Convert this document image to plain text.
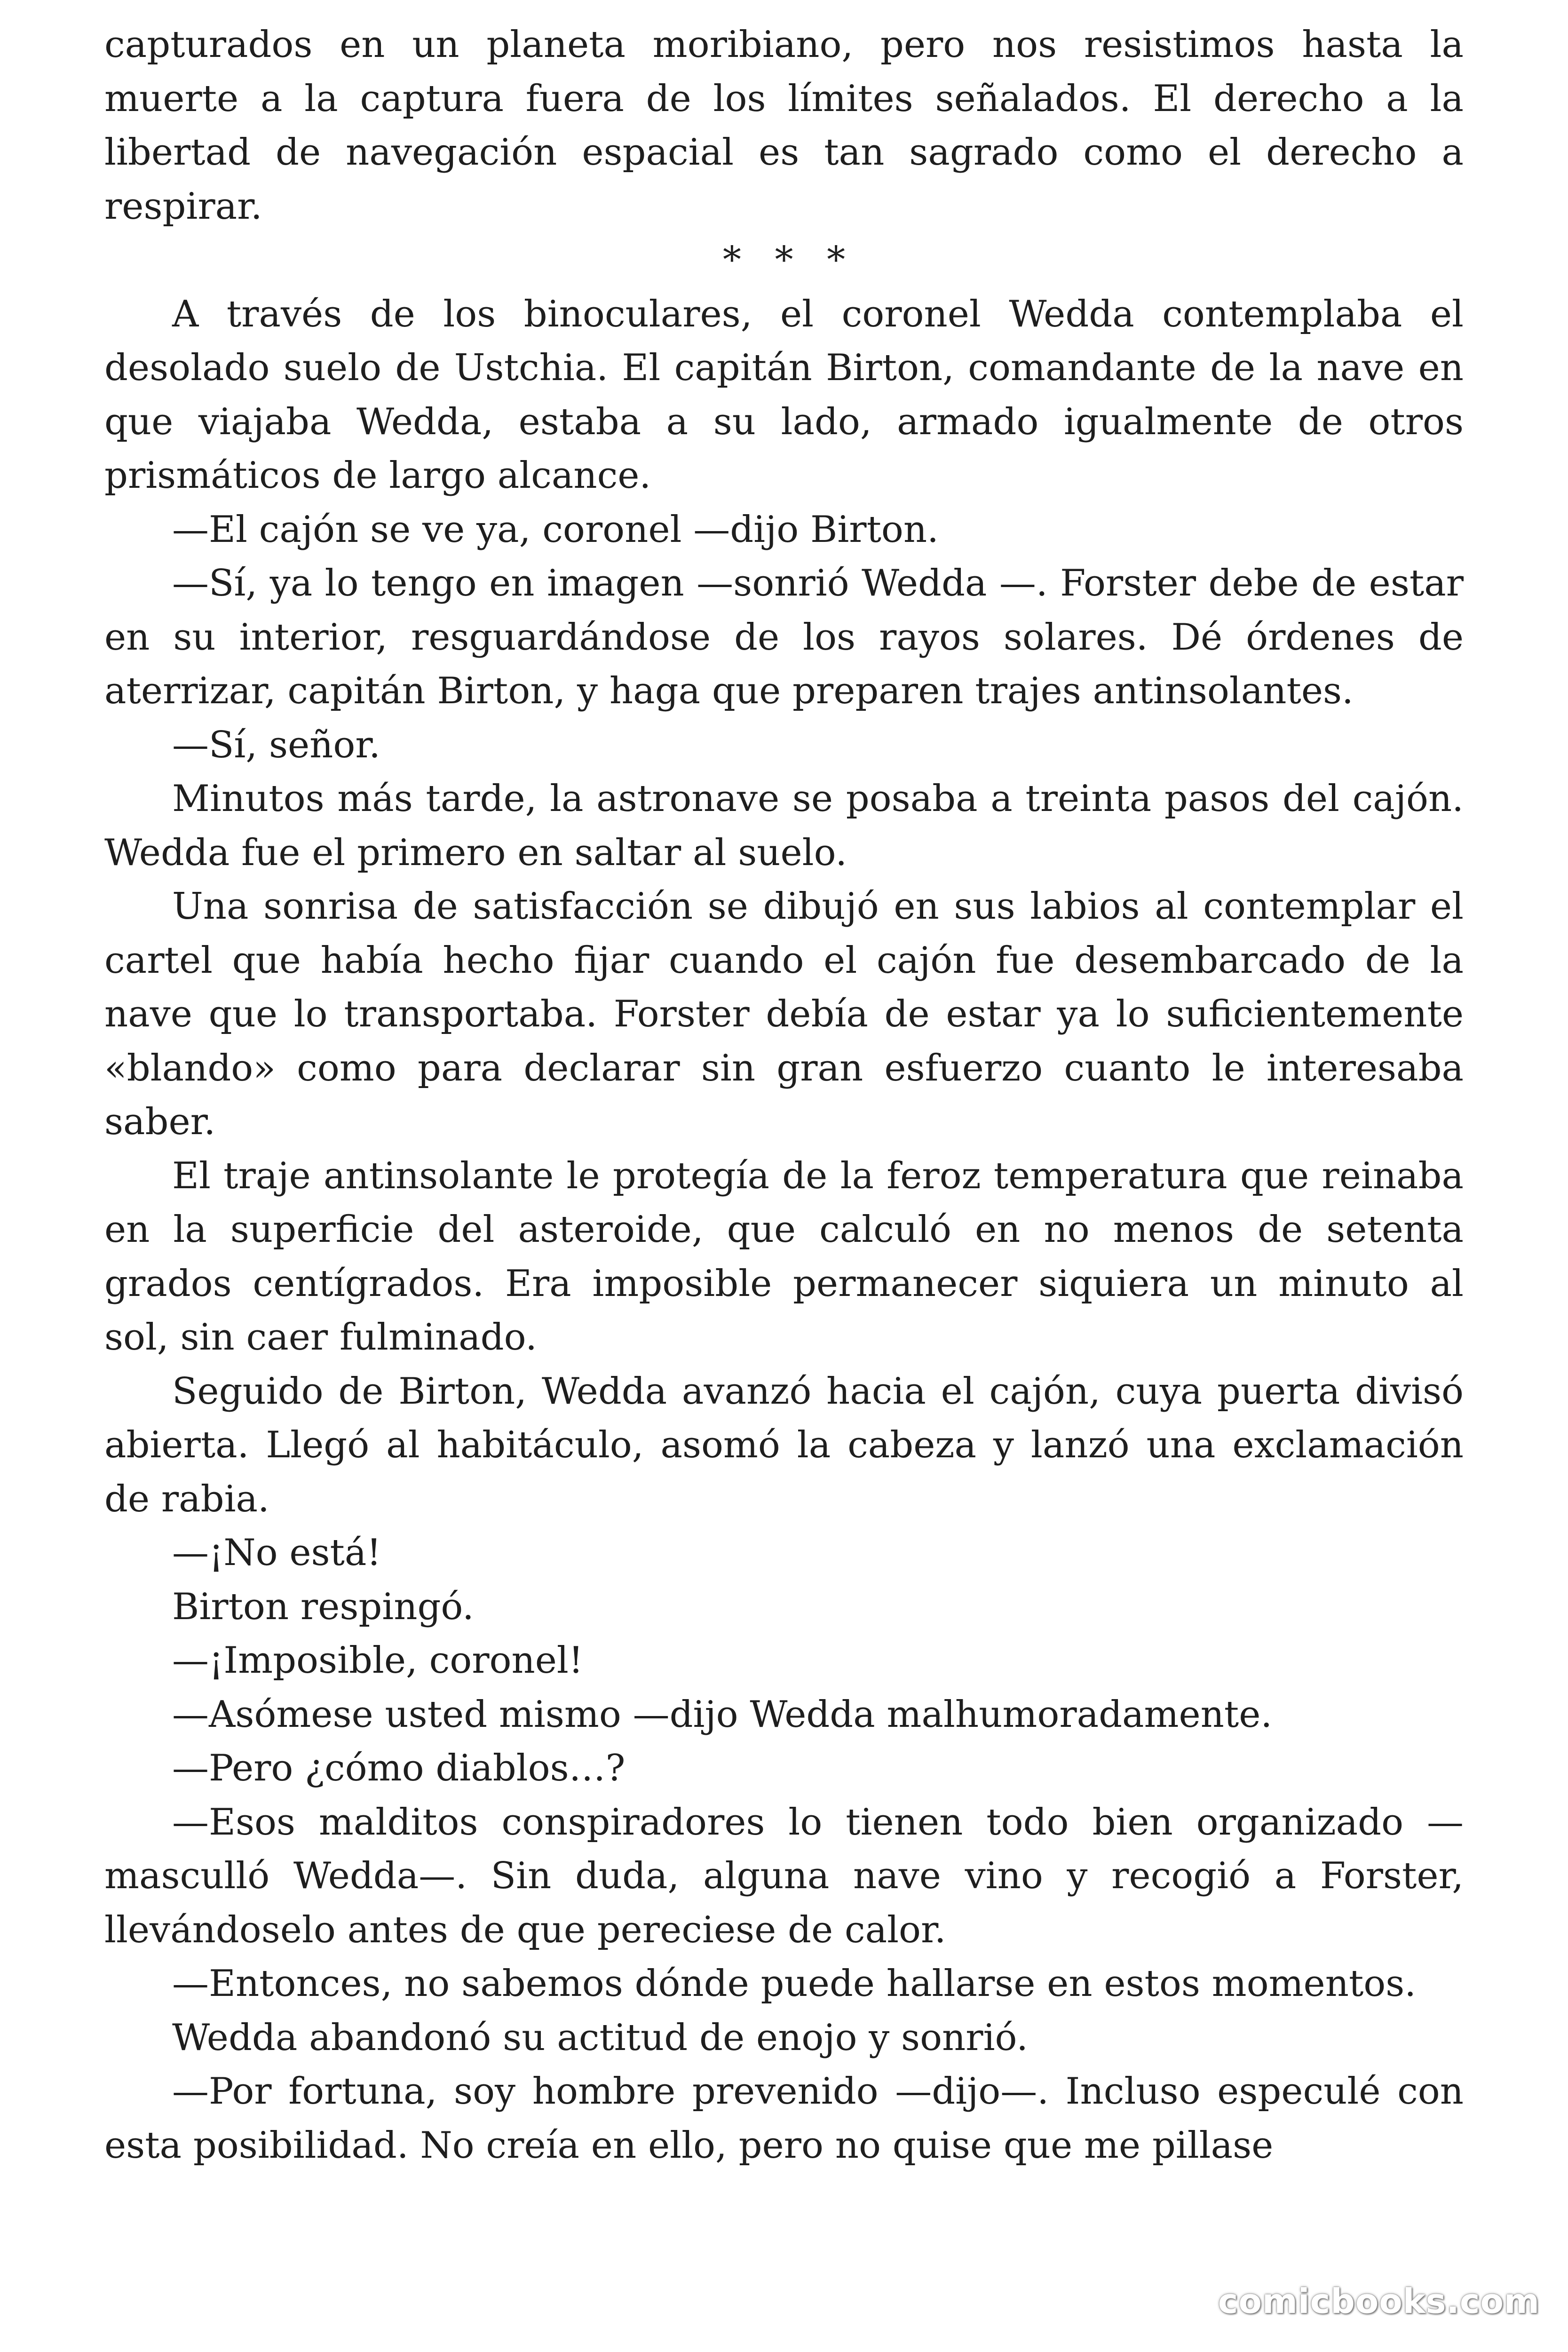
capturados en un planeta moribiano, pero nos resistimos hasta la muerte a la captura fuera de los límites señalados. El derecho a la libertad de navegación espacial es tan sagrado como el derecho a respirar.

* * *

A través de los binoculares, el coronel Wedda contemplaba el desolado suelo de Ustchia. El capitán Birton, comandante de la nave en que viajaba Wedda, estaba a su lado, armado igualmente de otros prismáticos de largo alcance.

—El cajón se ve ya, coronel —dijo Birton.

—Sí, ya lo tengo en imagen —sonrió Wedda —. Forster debe de estar en su interior, resguardándose de los rayos solares. Dé órdenes de aterrizar, capitán Birton, y haga que preparen trajes antinsolantes.

—Sí, señor.

Minutos más tarde, la astronave se posaba a treinta pasos del cajón. Wedda fue el primero en saltar al suelo.

Una sonrisa de satisfacción se dibujó en sus labios al contemplar el cartel que había hecho fijar cuando el cajón fue desembarcado de la nave que lo transportaba. Forster debía de estar ya lo suficientemente «blando» como para declarar sin gran esfuerzo cuanto le interesaba saber.

El traje antinsolante le protegía de la feroz temperatura que reinaba en la superficie del asteroide, que calculó en no menos de setenta grados centígrados. Era imposible permanecer siquiera un minuto al sol, sin caer fulminado.

Seguido de Birton, Wedda avanzó hacia el cajón, cuya puerta divisó abierta. Llegó al habitáculo, asomó la cabeza y lanzó una exclamación de rabia.

—¡No está!

Birton respingó.

—¡Imposible, coronel!

—Asómese usted mismo —dijo Wedda malhumoradamente.

—Pero ¿cómo diablos…?

—Esos malditos conspiradores lo tienen todo bien organizado — masculló Wedda—. Sin duda, alguna nave vino y recogió a Forster, llevándoselo antes de que pereciese de calor.

—Entonces, no sabemos dónde puede hallarse en estos momentos.

Wedda abandonó su actitud de enojo y sonrió.

—Por fortuna, soy hombre prevenido —dijo—. Incluso especulé con esta posibilidad. No creía en ello, pero no quise que me pillase

comicbooks.com
